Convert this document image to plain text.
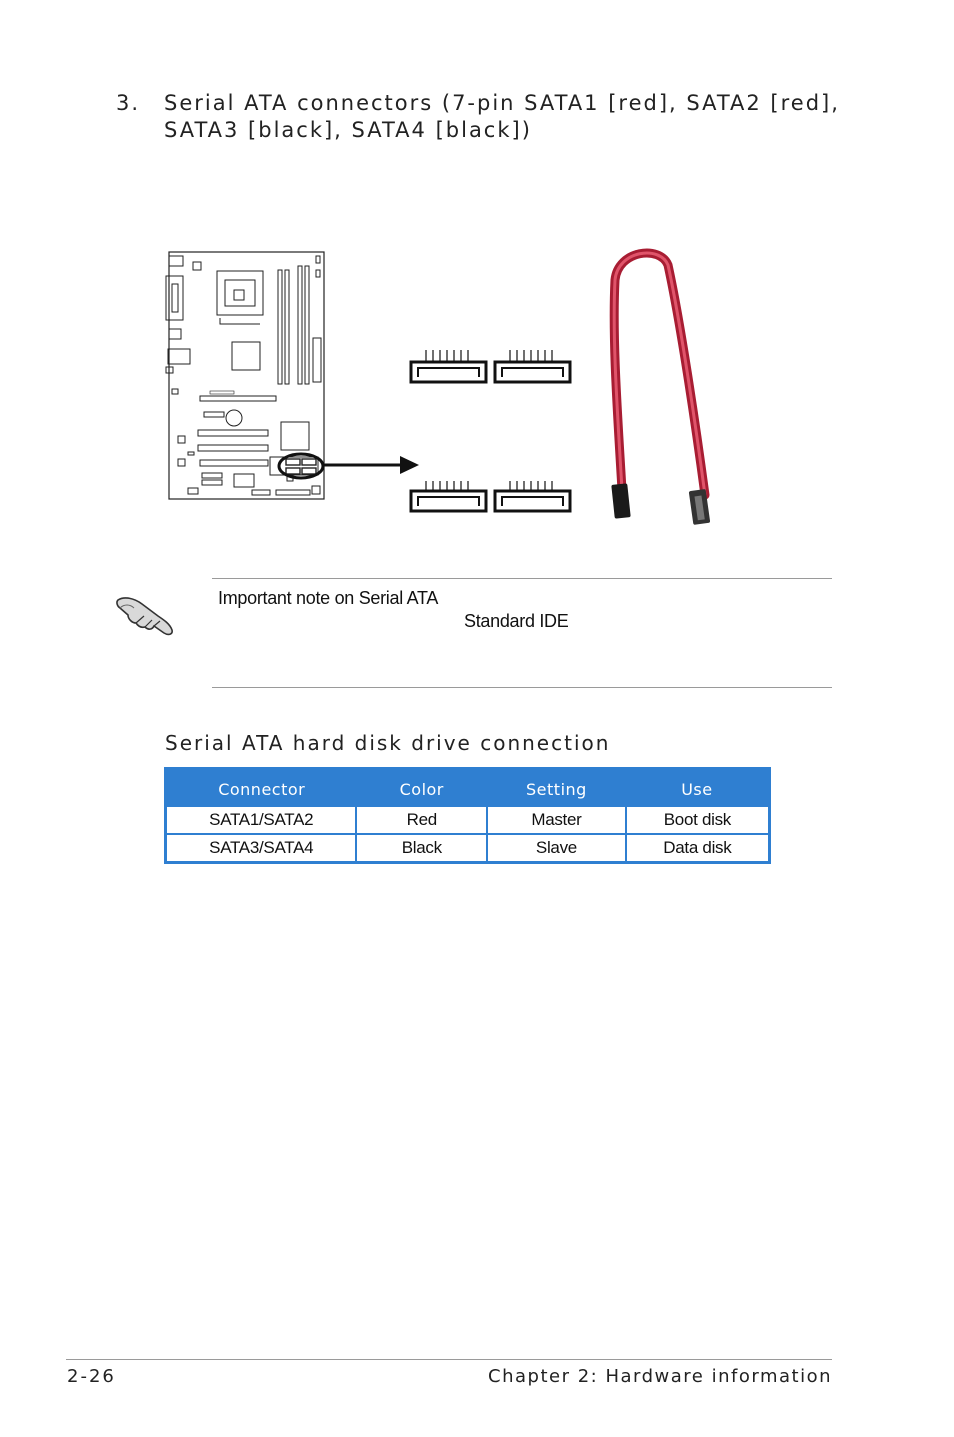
3. Serial ATA connectors (7-pin SATA1 [red], SATA2 [red],
SATA3 [black], SATA4 [black])
Important note on Serial ATA
Standard IDE
Serial ATA hard disk drive connection
Connector	Color	Setting	Use
SATA1/SATA2	Red	Master	Boot disk
SATA3/SATA4	Black	Slave	Data disk
2-26	Chapter 2: Hardware information
